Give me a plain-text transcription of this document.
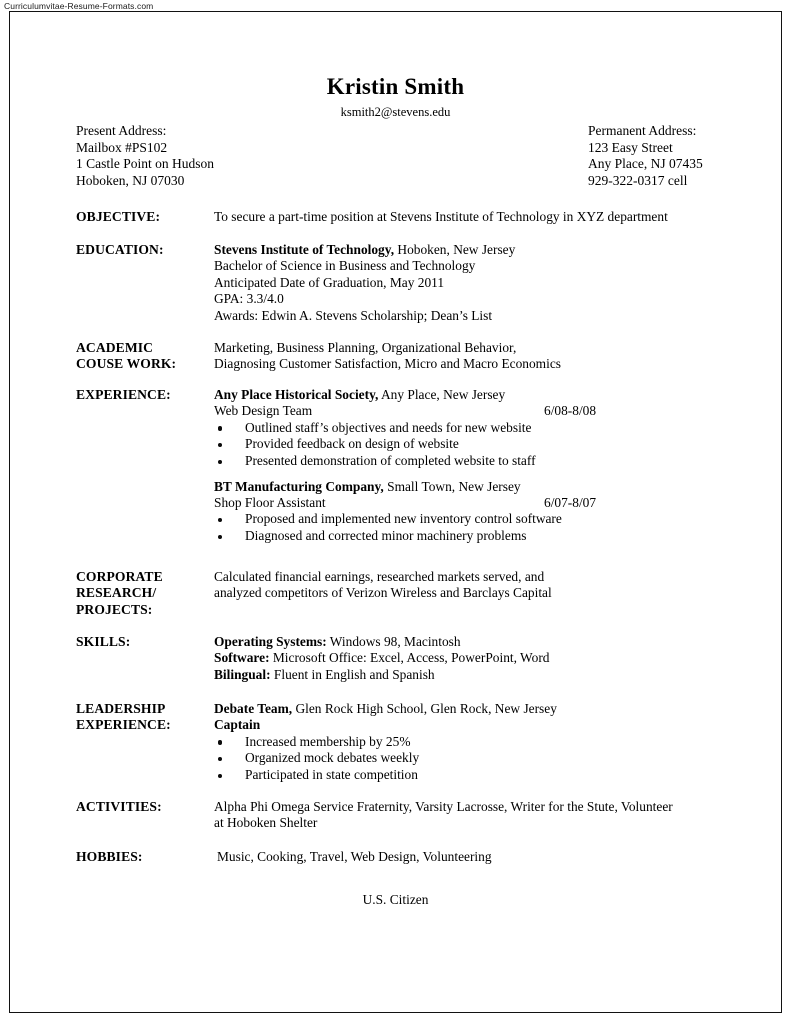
Curriculumvitae-Resume-Formats.com
Kristin Smith
ksmith2@stevens.edu
Present Address:
Mailbox #PS102
1 Castle Point on Hudson
Hoboken, NJ 07030
Permanent Address:
123 Easy Street
Any Place, NJ 07435
929-322-0317 cell
OBJECTIVE:	To secure a part-time position at Stevens Institute of Technology in XYZ department
EDUCATION:	Stevens Institute of Technology, Hoboken, New Jersey
Bachelor of Science in Business and Technology
Anticipated Date of Graduation, May 2011
GPA: 3.3/4.0
Awards: Edwin A. Stevens Scholarship; Dean’s List
ACADEMIC
COUSE WORK:
Marketing, Business Planning, Organizational Behavior,
Diagnosing Customer Satisfaction, Micro and Macro Economics
EXPERIENCE:	Any Place Historical Society, Any Place, New Jersey
Web Design Team	6/08-8/08
Outlined staff’s objectives and needs for new website
Provided feedback on design of website
Presented demonstration of completed website to staff
BT Manufacturing Company, Small Town, New Jersey
Shop Floor Assistant	6/07-8/07
Proposed and implemented new inventory control software
Diagnosed and corrected minor machinery problems
CORPORATE
RESEARCH/
PROJECTS:
Calculated financial earnings, researched markets served, and
analyzed competitors of Verizon Wireless and Barclays Capital
SKILLS:	Operating Systems: Windows 98, Macintosh
Software: Microsoft Office: Excel, Access, PowerPoint, Word
Bilingual: Fluent in English and Spanish
LEADERSHIP
EXPERIENCE:
Debate Team, Glen Rock High School, Glen Rock, New Jersey
Captain
Increased membership by 25%
Organized mock debates weekly
Participated in state competition
ACTIVITIES:	Alpha Phi Omega Service Fraternity, Varsity Lacrosse, Writer for the Stute, Volunteer
at Hoboken Shelter
HOBBIES:	Music, Cooking, Travel, Web Design, Volunteering
U.S. Citizen
